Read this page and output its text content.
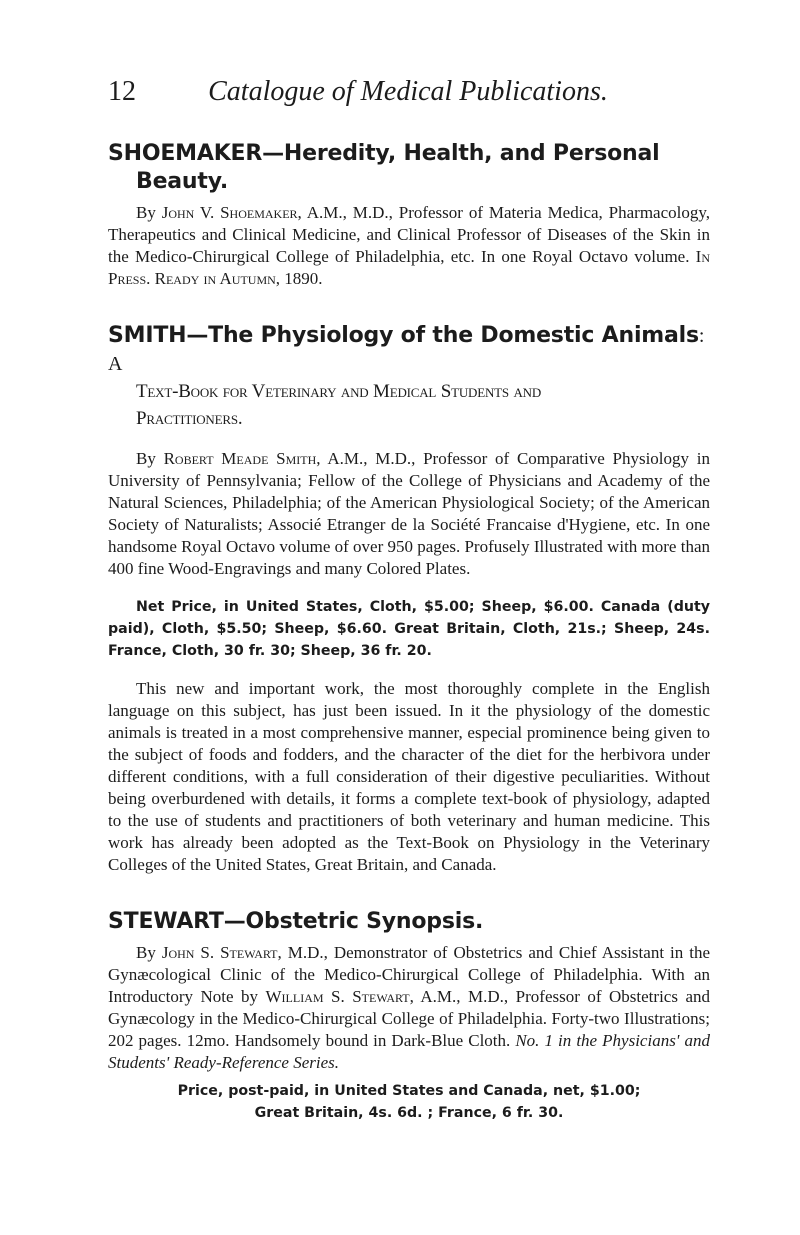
12	Catalogue of Medical Publications.
SHOEMAKER—Heredity, Health, and Personal
Beauty.

By John V. Shoemaker, A.M., M.D., Professor of Materia Medica, Pharmacology, Therapeutics and Clinical Medicine, and Clinical Professor of Diseases of the Skin in the Medico-Chirurgical College of Philadelphia, etc. In one Royal Octavo volume. In Press. Ready in Autumn, 1890.

SMITH—The Physiology of the Domestic Animals: A
Text-Book for Veterinary and Medical Students and
Practitioners.

By Robert Meade Smith, A.M., M.D., Professor of Comparative Physiology in University of Pennsylvania; Fellow of the College of Physicians and Academy of the Natural Sciences, Philadelphia; of the American Physiological Society; of the American Society of Naturalists; Associé Etranger de la Société Francaise d'Hygiene, etc. In one handsome Royal Octavo volume of over 950 pages. Profusely Illustrated with more than 400 fine Wood-Engravings and many Colored Plates.

Net Price, in United States, Cloth, $5.00; Sheep, $6.00. Canada (duty paid), Cloth, $5.50; Sheep, $6.60. Great Britain, Cloth, 21s.; Sheep, 24s. France, Cloth, 30 fr. 30; Sheep, 36 fr. 20.

This new and important work, the most thoroughly complete in the English language on this subject, has just been issued. In it the physiology of the domestic animals is treated in a most comprehensive manner, especial prominence being given to the subject of foods and fodders, and the character of the diet for the herbivora under different conditions, with a full consideration of their digestive peculiarities. Without being overburdened with details, it forms a complete text-book of physiology, adapted to the use of students and practitioners of both veterinary and human medicine. This work has already been adopted as the Text-Book on Physiology in the Veterinary Colleges of the United States, Great Britain, and Canada.

STEWART—Obstetric Synopsis.

By John S. Stewart, M.D., Demonstrator of Obstetrics and Chief Assistant in the Gynæcological Clinic of the Medico-Chirurgical College of Philadelphia. With an Introductory Note by William S. Stewart, A.M., M.D., Professor of Obstetrics and Gynæcology in the Medico-Chirurgical College of Philadelphia. Forty-two Illustrations; 202 pages. 12mo. Handsomely bound in Dark-Blue Cloth. No. 1 in the Physicians' and Students' Ready-Reference Series.

Price, post-paid, in United States and Canada, net, $1.00;

Great Britain, 4s. 6d. ; France, 6 fr. 30.
